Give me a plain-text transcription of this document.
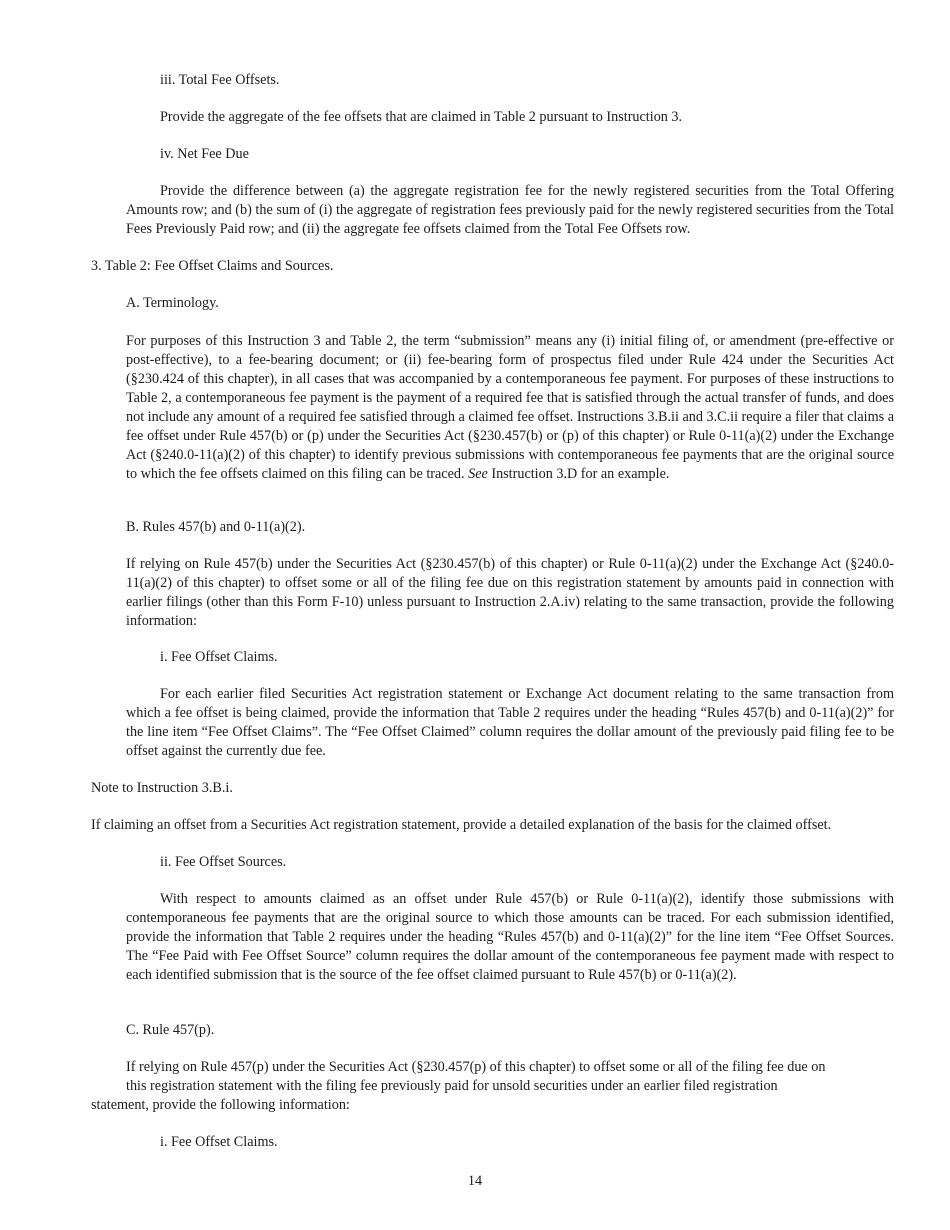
iii. Total Fee Offsets.

Provide the aggregate of the fee offsets that are claimed in Table 2 pursuant to Instruction 3.

iv. Net Fee Due

Provide the difference between (a) the aggregate registration fee for the newly registered securities from the Total Offering Amounts row; and (b) the sum of (i) the aggregate of registration fees previously paid for the newly registered securities from the Total Fees Previously Paid row; and (ii) the aggregate fee offsets claimed from the Total Fee Offsets row.

3. Table 2: Fee Offset Claims and Sources.

A. Terminology.

For purposes of this Instruction 3 and Table 2, the term “submission” means any (i) initial filing of, or amendment (pre-effective or post-effective), to a fee-bearing document; or (ii) fee-bearing form of prospectus filed under Rule 424 under the Securities Act (§230.424 of this chapter), in all cases that was accompanied by a contemporaneous fee payment. For purposes of these instructions to Table 2, a contemporaneous fee payment is the payment of a required fee that is satisfied through the actual transfer of funds, and does not include any amount of a required fee satisfied through a claimed fee offset. Instructions 3.B.ii and 3.C.ii require a filer that claims a fee offset under Rule 457(b) or (p) under the Securities Act (§230.457(b) or (p) of this chapter) or Rule 0-11(a)(2) under the Exchange Act (§240.0-11(a)(2) of this chapter) to identify previous submissions with contemporaneous fee payments that are the original source to which the fee offsets claimed on this filing can be traced. See Instruction 3.D for an example.

B. Rules 457(b) and 0-11(a)(2).

If relying on Rule 457(b) under the Securities Act (§230.457(b) of this chapter) or Rule 0-11(a)(2) under the Exchange Act (§240.0-11(a)(2) of this chapter) to offset some or all of the filing fee due on this registration statement by amounts paid in connection with earlier filings (other than this Form F-10) unless pursuant to Instruction 2.A.iv) relating to the same transaction, provide the following information:

i. Fee Offset Claims.

For each earlier filed Securities Act registration statement or Exchange Act document relating to the same transaction from which a fee offset is being claimed, provide the information that Table 2 requires under the heading “Rules 457(b) and 0-11(a)(2)” for the line item “Fee Offset Claims”. The “Fee Offset Claimed” column requires the dollar amount of the previously paid filing fee to be offset against the currently due fee.

Note to Instruction 3.B.i.

If claiming an offset from a Securities Act registration statement, provide a detailed explanation of the basis for the claimed offset.

ii. Fee Offset Sources.

With respect to amounts claimed as an offset under Rule 457(b) or Rule 0-11(a)(2), identify those submissions with contemporaneous fee payments that are the original source to which those amounts can be traced. For each submission identified, provide the information that Table 2 requires under the heading “Rules 457(b) and 0-11(a)(2)” for the line item “Fee Offset Sources. The “Fee Paid with Fee Offset Source” column requires the dollar amount of the contemporaneous fee payment made with respect to each identified submission that is the source of the fee offset claimed pursuant to Rule 457(b) or 0-11(a)(2).

C. Rule 457(p).

If relying on Rule 457(p) under the Securities Act (§230.457(p) of this chapter) to offset some or all of the filing fee due on
this registration statement with the filing fee previously paid for unsold securities under an earlier filed registration
statement, provide the following information:

i. Fee Offset Claims.

14
